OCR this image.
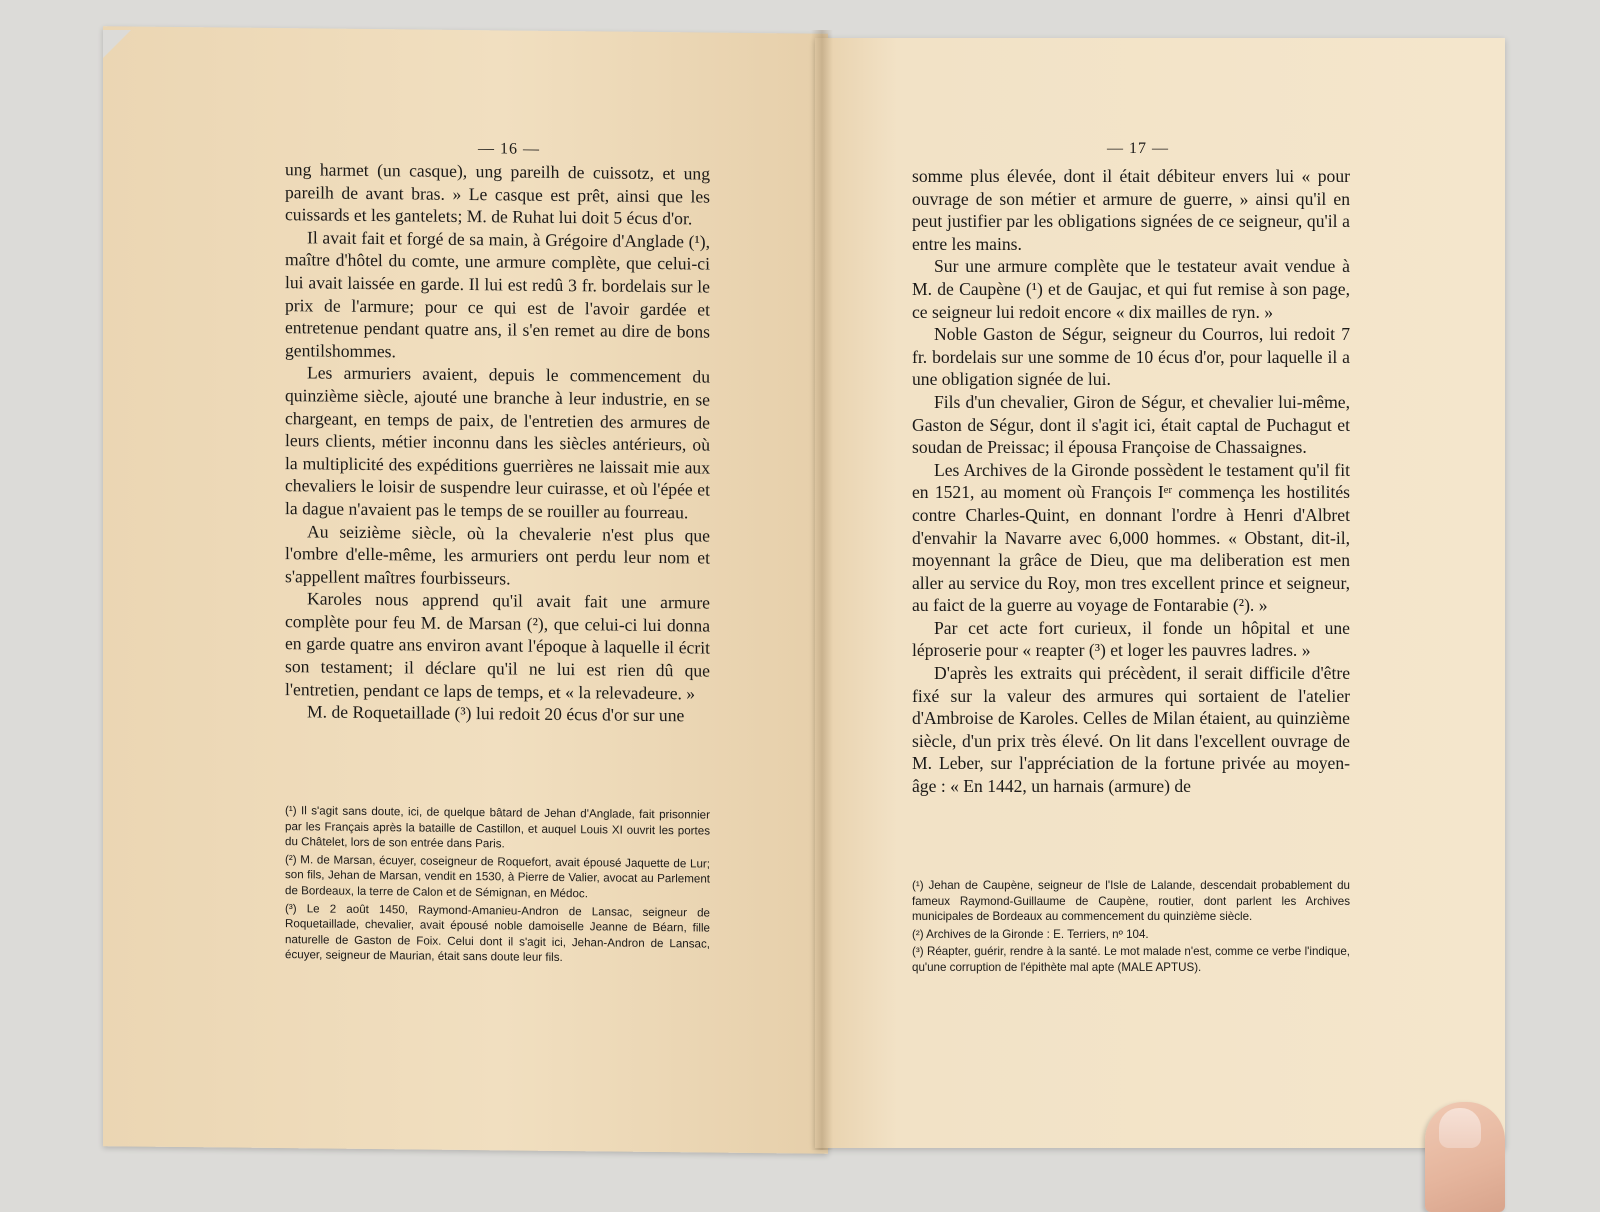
— 16 —

ung harmet (un casque), ung pareilh de cuissotz, et ung pareilh de avant bras. » Le casque est prêt, ainsi que les cuissards et les gantelets; M. de Ruhat lui doit 5 écus d'or.

Il avait fait et forgé de sa main, à Grégoire d'Anglade (¹), maître d'hôtel du comte, une armure complète, que celui-ci lui avait laissée en garde. Il lui est redû 3 fr. bordelais sur le prix de l'armure; pour ce qui est de l'avoir gardée et entretenue pendant quatre ans, il s'en remet au dire de bons gentilshommes.

Les armuriers avaient, depuis le commencement du quinzième siècle, ajouté une branche à leur industrie, en se chargeant, en temps de paix, de l'entretien des armures de leurs clients, métier inconnu dans les siècles antérieurs, où la multiplicité des expéditions guerrières ne laissait mie aux chevaliers le loisir de suspendre leur cuirasse, et où l'épée et la dague n'avaient pas le temps de se rouiller au fourreau.

Au seizième siècle, où la chevalerie n'est plus que l'ombre d'elle-même, les armuriers ont perdu leur nom et s'appellent maîtres fourbisseurs.

Karoles nous apprend qu'il avait fait une armure complète pour feu M. de Marsan (²), que celui-ci lui donna en garde quatre ans environ avant l'époque à laquelle il écrit son testament; il déclare qu'il ne lui est rien dû que l'entretien, pendant ce laps de temps, et « la relevadeure. »

M. de Roquetaillade (³) lui redoit 20 écus d'or sur une

(¹) Il s'agit sans doute, ici, de quelque bâtard de Jehan d'Anglade, fait prisonnier par les Français après la bataille de Castillon, et auquel Louis XI ouvrit les portes du Châtelet, lors de son entrée dans Paris.

(²) M. de Marsan, écuyer, coseigneur de Roquefort, avait épousé Jaquette de Lur; son fils, Jehan de Marsan, vendit en 1530, à Pierre de Valier, avocat au Parlement de Bordeaux, la terre de Calon et de Sémignan, en Médoc.

(³) Le 2 août 1450, Raymond-Amanieu-Andron de Lansac, seigneur de Roquetaillade, chevalier, avait épousé noble damoiselle Jeanne de Béarn, fille naturelle de Gaston de Foix. Celui dont il s'agit ici, Jehan-Andron de Lansac, écuyer, seigneur de Maurian, était sans doute leur fils.

— 17 —

somme plus élevée, dont il était débiteur envers lui « pour ouvrage de son métier et armure de guerre, » ainsi qu'il en peut justifier par les obligations signées de ce seigneur, qu'il a entre les mains.

Sur une armure complète que le testateur avait vendue à M. de Caupène (¹) et de Gaujac, et qui fut remise à son page, ce seigneur lui redoit encore « dix mailles de ryn. »

Noble Gaston de Ségur, seigneur du Courros, lui redoit 7 fr. bordelais sur une somme de 10 écus d'or, pour laquelle il a une obligation signée de lui.

Fils d'un chevalier, Giron de Ségur, et chevalier lui-même, Gaston de Ségur, dont il s'agit ici, était captal de Puchagut et soudan de Preissac; il épousa Françoise de Chassaignes.

Les Archives de la Gironde possèdent le testament qu'il fit en 1521, au moment où François Iᵉʳ commença les hostilités contre Charles-Quint, en donnant l'ordre à Henri d'Albret d'envahir la Navarre avec 6,000 hommes. « Obstant, dit-il, moyennant la grâce de Dieu, que ma deliberation est men aller au service du Roy, mon tres excellent prince et seigneur, au faict de la guerre au voyage de Fontarabie (²). »

Par cet acte fort curieux, il fonde un hôpital et une léproserie pour « reapter (³) et loger les pauvres ladres. »

D'après les extraits qui précèdent, il serait difficile d'être fixé sur la valeur des armures qui sortaient de l'atelier d'Ambroise de Karoles. Celles de Milan étaient, au quinzième siècle, d'un prix très élevé. On lit dans l'excellent ouvrage de M. Leber, sur l'appréciation de la fortune privée au moyen-âge : « En 1442, un harnais (armure) de

(¹) Jehan de Caupène, seigneur de l'Isle de Lalande, descendait probablement du fameux Raymond-Guillaume de Caupène, routier, dont parlent les Archives municipales de Bordeaux au commencement du quinzième siècle.

(²) Archives de la Gironde : E. Terriers, nº 104.

(³) Réapter, guérir, rendre à la santé. Le mot malade n'est, comme ce verbe l'indique, qu'une corruption de l'épithète mal apte (MALE APTUS).
